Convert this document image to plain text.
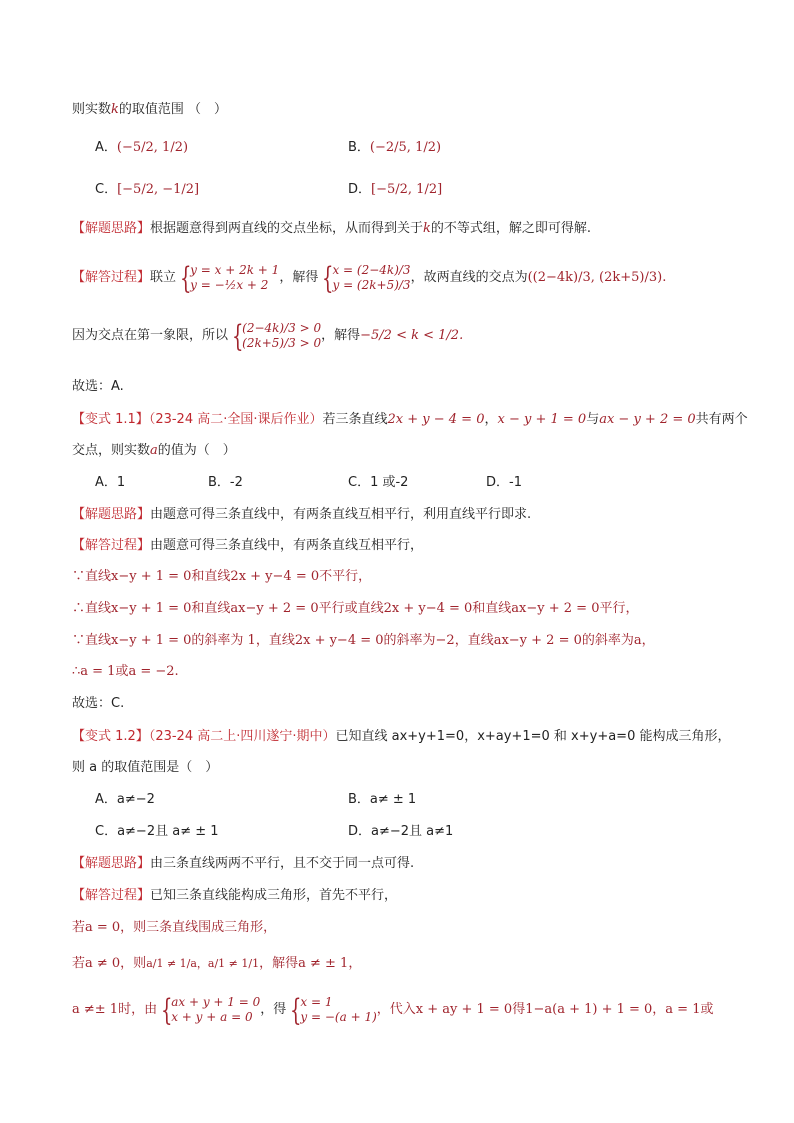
则实数k的取值范围 （　）
A．(−5/2, 1/2)	B．(−2/5, 1/2)
C．[−5/2, −1/2]	D．[−5/2, 1/2]
【解题思路】根据题意得到两直线的交点坐标，从而得到关于k的不等式组，解之即可得解.
【解答过程】联立 {
y = x + 2k + 1
y = −½x + 2 ，解得 {
x = (2−4k)/3
y = (2k+5)/3 ，故两直线的交点为((2−4k)/3, (2k+5)/3).
因为交点在第一象限，所以 {
(2−4k)/3 > 0
(2k+5)/3 > 0 ，解得−5/2 < k < 1/2.
故选：A.
【变式 1.1】（23-24 高二·全国·课后作业）若三条直线2x + y − 4 = 0，x − y + 1 = 0与ax − y + 2 = 0共有两个
交点，则实数a的值为（　）
A．1	B．-2	C．1 或-2	D．-1
【解题思路】由题意可得三条直线中，有两条直线互相平行，利用直线平行即求.
【解答过程】由题意可得三条直线中，有两条直线互相平行，
∵直线x−y + 1 = 0和直线2x + y−4 = 0不平行，
∴直线x−y + 1 = 0和直线ax−y + 2 = 0平行或直线2x + y−4 = 0和直线ax−y + 2 = 0平行，
∵直线x−y + 1 = 0的斜率为 1，直线2x + y−4 = 0的斜率为−2，直线ax−y + 2 = 0的斜率为a，
∴a = 1或a = −2.
故选：C.
【变式 1.2】（23-24 高二上·四川遂宁·期中）已知直线 ax+y+1=0，x+ay+1=0 和 x+y+a=0 能构成三角形，
则 a 的取值范围是（　）
A．a≠−2	B．a≠ ± 1
C．a≠−2且 a≠ ± 1	D．a≠−2且 a≠1
【解题思路】由三条直线两两不平行，且不交于同一点可得.
【解答过程】已知三条直线能构成三角形，首先不平行，
若a = 0，则三条直线围成三角形，
若a ≠ 0，则a/1 ≠ 1/a，a/1 ≠ 1/1，解得a ≠ ± 1，
a ≠± 1时，由 {
ax + y + 1 = 0
x + y + a = 0 ，得 {
x = 1
y = −(a + 1) ，代入x + ay + 1 = 0得1−a(a + 1) + 1 = 0，a = 1或
